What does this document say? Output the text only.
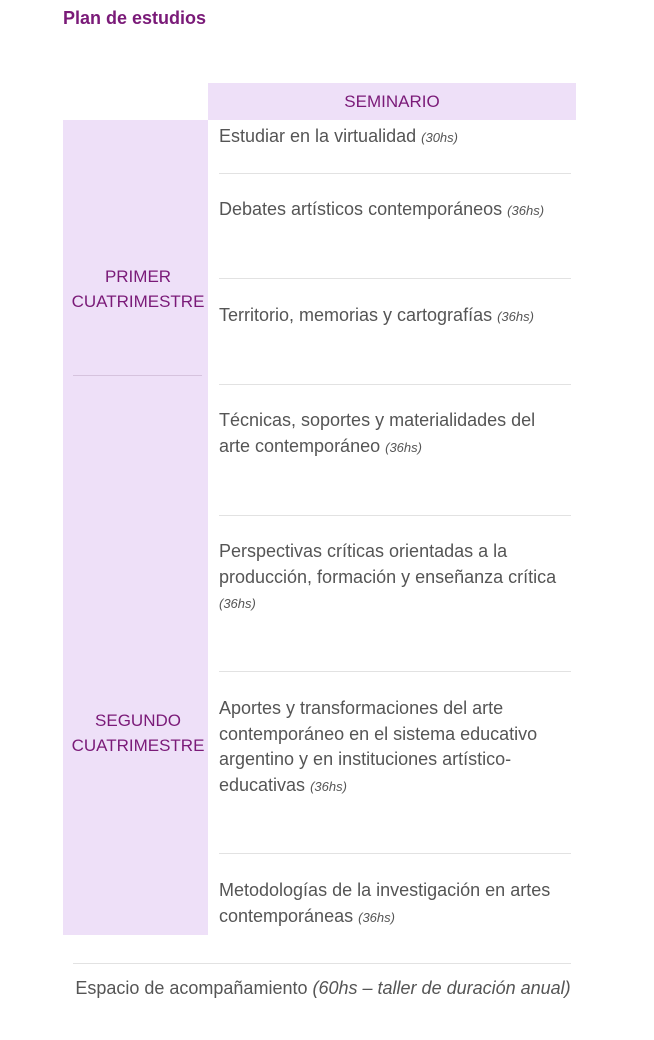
Plan de estudios
SEMINARIO
PRIMER
CUATRIMESTRE
SEGUNDO
CUATRIMESTRE
Estudiar en la virtualidad (30hs)
Debates artísticos contemporáneos (36hs)
Territorio, memorias y cartografías (36hs)
Técnicas, soportes y materialidades del arte contemporáneo (36hs)
Perspectivas críticas orientadas a la producción, formación y enseñanza crítica (36hs)
Aportes y transformaciones del arte contemporáneo en el sistema educativo argentino y en instituciones artístico-educativas (36hs)
Metodologías de la investigación en artes contemporáneas (36hs)
Espacio de acompañamiento (60hs – taller de duración anual)
